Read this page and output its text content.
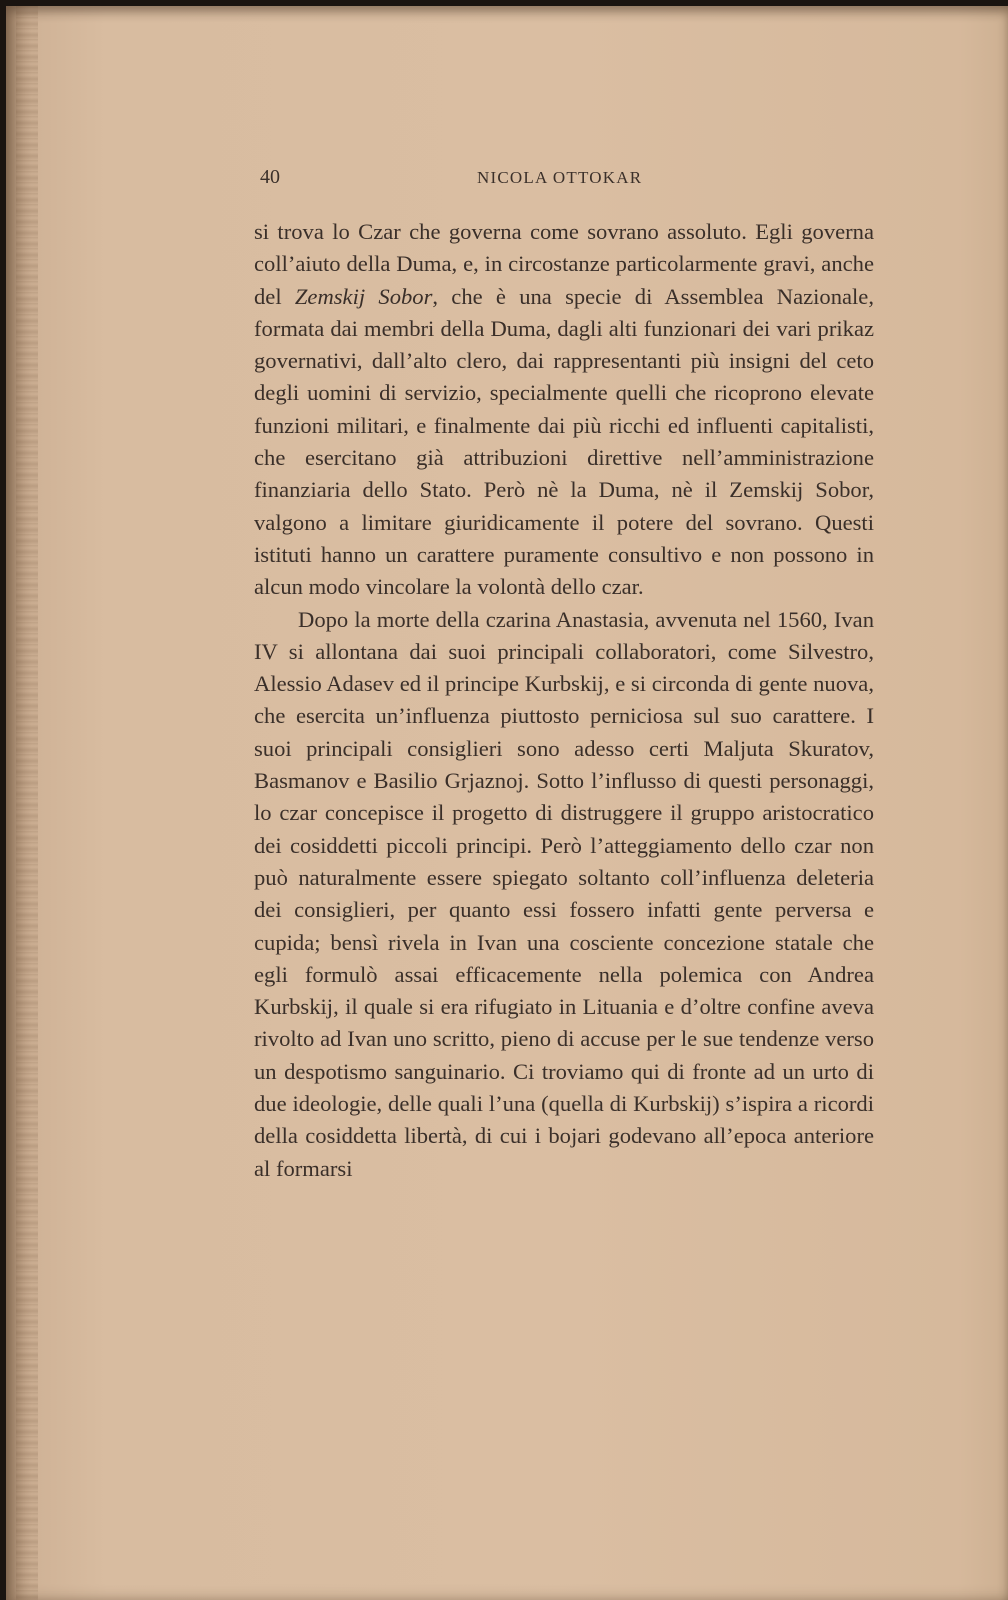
40	NICOLA OTTOKAR

si trova lo Czar che governa come sovrano assoluto. Egli governa coll’aiuto della Duma, e, in circostanze particolarmente gravi, anche del Zemskij Sobor, che è una specie di Assemblea Nazionale, formata dai membri della Duma, dagli alti funzionari dei vari prikaz governativi, dall’alto clero, dai rappresentanti più insigni del ceto degli uomini di servizio, specialmente quelli che ricoprono elevate funzioni militari, e finalmente dai più ricchi ed influenti capitalisti, che esercitano già attribuzioni direttive nell’amministrazione finanziaria dello Stato. Però nè la Duma, nè il Zemskij Sobor, valgono a limitare giuridicamente il potere del sovrano. Questi istituti hanno un carattere puramente consultivo e non possono in alcun modo vincolare la volontà dello czar.

Dopo la morte della czarina Anastasia, avvenuta nel 1560, Ivan IV si allontana dai suoi principali collaboratori, come Silvestro, Alessio Adasev ed il principe Kurbskij, e si circonda di gente nuova, che esercita un’influenza piuttosto perniciosa sul suo carattere. I suoi principali consiglieri sono adesso certi Maljuta Skuratov, Basmanov e Basilio Grjaznoj. Sotto l’influsso di questi personaggi, lo czar concepisce il progetto di distruggere il gruppo aristocratico dei cosiddetti piccoli principi. Però l’atteggiamento dello czar non può naturalmente essere spiegato soltanto coll’influenza deleteria dei consiglieri, per quanto essi fossero infatti gente perversa e cupida; bensì rivela in Ivan una cosciente concezione statale che egli formulò assai efficacemente nella polemica con Andrea Kurbskij, il quale si era rifugiato in Lituania e d’oltre confine aveva rivolto ad Ivan uno scritto, pieno di accuse per le sue tendenze verso un despotismo sanguinario. Ci troviamo qui di fronte ad un urto di due ideologie, delle quali l’una (quella di Kurbskij) s’ispira a ricordi della cosiddetta libertà, di cui i bojari godevano all’epoca anteriore al formarsi
